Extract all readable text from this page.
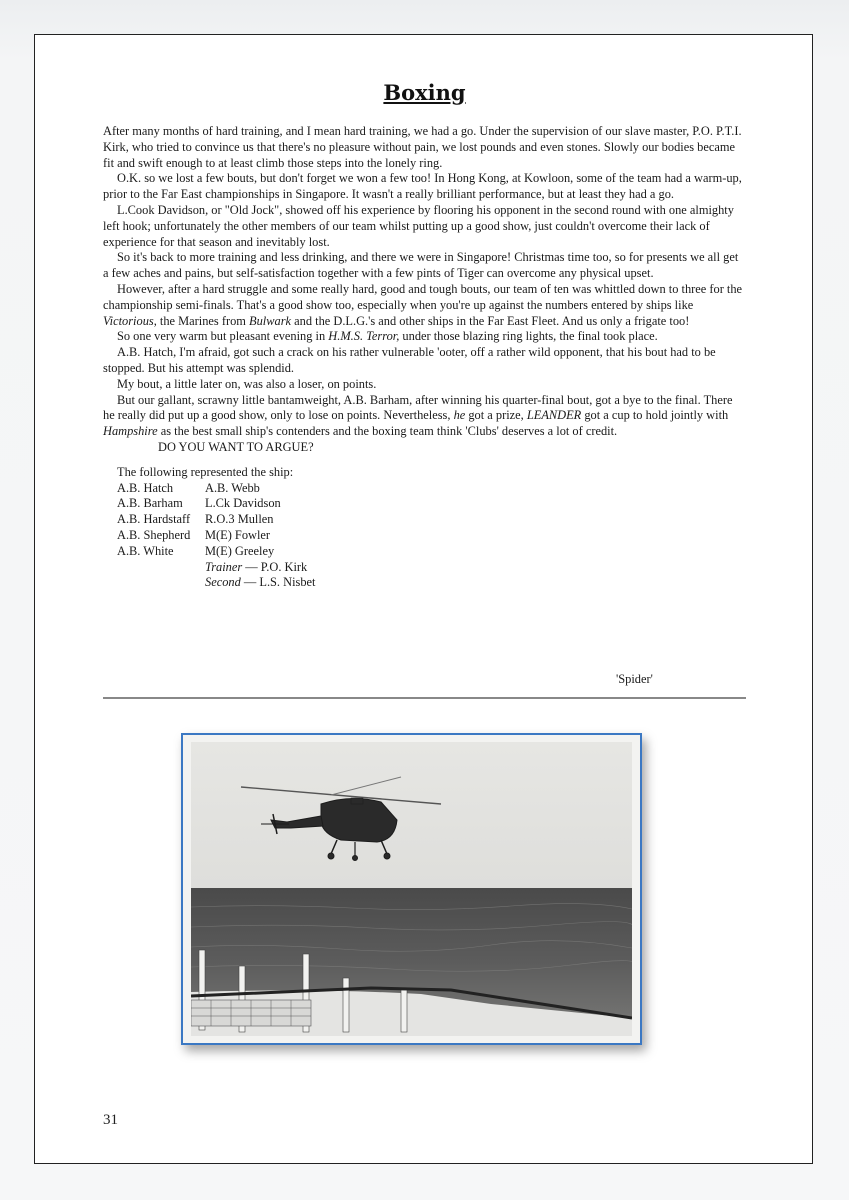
Boxing

After many months of hard training, and I mean hard training, we had a go. Under the supervision of our slave master, P.O. P.T.I. Kirk, who tried to convince us that there's no pleasure without pain, we lost pounds and even stones. Slowly our bodies became fit and swift enough to at least climb those steps into the lonely ring.

O.K. so we lost a few bouts, but don't forget we won a few too! In Hong Kong, at Kowloon, some of the team had a warm-up, prior to the Far East championships in Singapore. It wasn't a really brilliant performance, but at least they had a go.

L.Cook Davidson, or "Old Jock", showed off his experience by flooring his opponent in the second round with one almighty left hook; unfortunately the other members of our team whilst putting up a good show, just couldn't overcome their lack of experience for that season and inevitably lost.

So it's back to more training and less drinking, and there we were in Singapore! Christmas time too, so for presents we all get a few aches and pains, but self-satisfaction together with a few pints of Tiger can overcome any physical upset.

However, after a hard struggle and some really hard, good and tough bouts, our team of ten was whittled down to three for the championship semi-finals. That's a good show too, especially when you're up against the numbers entered by ships like Victorious, the Marines from Bulwark and the D.L.G.'s and other ships in the Far East Fleet. And us only a frigate too!

So one very warm but pleasant evening in H.M.S. Terror, under those blazing ring lights, the final took place.

A.B. Hatch, I'm afraid, got such a crack on his rather vulnerable 'ooter, off a rather wild opponent, that his bout had to be stopped. But his attempt was splendid.

My bout, a little later on, was also a loser, on points.

But our gallant, scrawny little bantamweight, A.B. Barham, after winning his quarter-final bout, got a bye to the final. There he really did put up a good show, only to lose on points. Nevertheless, he got a prize, LEANDER got a cup to hold jointly with Hampshire as the best small ship's contenders and the boxing team think 'Clubs' deserves a lot of credit.

DO YOU WANT TO ARGUE?

The following represented the ship:

A.B. Hatch	A.B. Webb
A.B. Barham	L.Ck Davidson
A.B. Hardstaff	R.O.3 Mullen
A.B. Shepherd	M(E) Fowler
A.B. White	M(E) Greeley
Trainer — P.O. Kirk
Second — L.S. Nisbet
'Spider'
31
